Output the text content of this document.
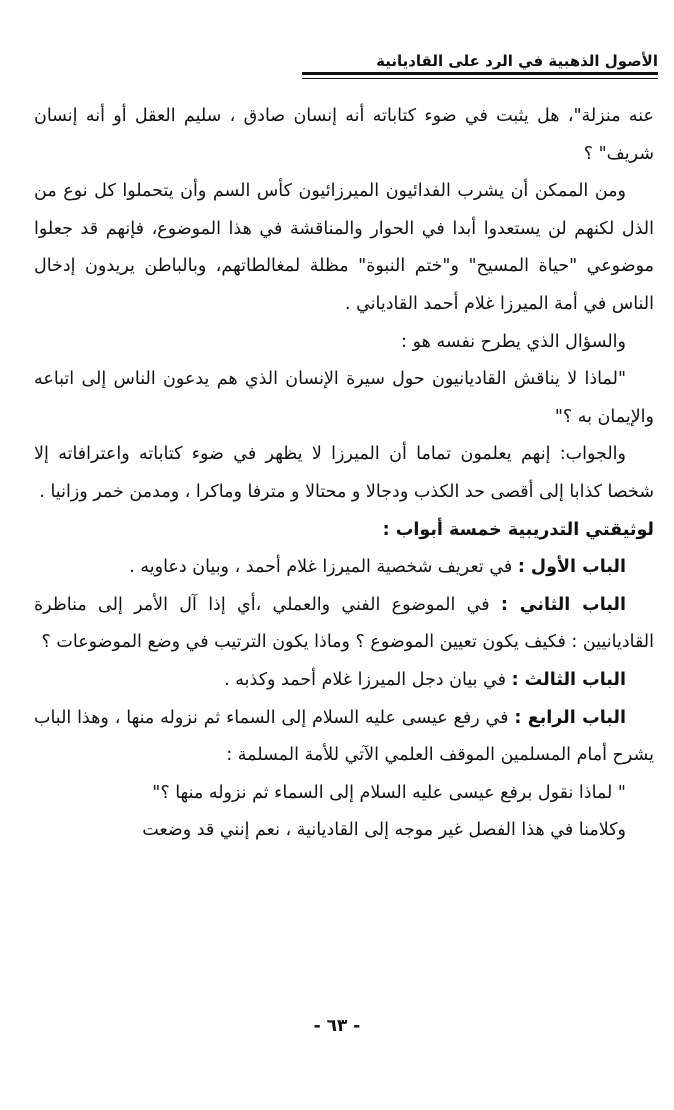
الأصول الذهبية في الرد على القاديانية

عنه منزلة"، هل يثبت في ضوء كتاباته أنه إنسان صادق ، سليم العقل أو أنه إنسان شريف" ؟

ومن الممكن أن يشرب الفدائيون الميرزائيون كأس السم وأن يتحملوا كل نوع من الذل لكنهم لن يستعدوا أبدا في الحوار والمناقشة في هذا الموضوع، فإنهم قد جعلوا موضوعي "حياة المسيح" و"ختم النبوة" مظلة لمغالطاتهم، وبالباطن يريدون إدخال الناس في أمة الميرزا غلام أحمد القادياني .

والسؤال الذي يطرح نفسه هو :

"لماذا لا يناقش القاديانيون حول سيرة الإنسان الذي هم يدعون الناس إلى اتباعه والإيمان به ؟"

والجواب: إنهم يعلمون تماما أن الميرزا لا يظهر في ضوء كتاباته واعترافاته إلا شخصا كذابا إلى أقصى حد الكذب ودجالا و محتالا و مترفا وماكرا ، ومدمن خمر وزانيا .

لوثيقتي التدريبية خمسة أبواب :

الباب الأول : في تعريف شخصية الميرزا غلام أحمد ، وبيان دعاويه .

الباب الثاني : في الموضوع الفني والعملي ،أي إذا آل الأمر إلى مناظرة القاديانيين : فكيف يكون تعيين الموضوع ؟ وماذا يكون الترتيب في وضع الموضوعات ؟

الباب الثالث : في بيان دجل الميرزا غلام أحمد وكذبه .

الباب الرابع : في رفع عيسى عليه السلام إلى السماء ثم نزوله منها ، وهذا الباب يشرح أمام المسلمين الموقف العلمي الآتي للأمة المسلمة :

" لماذا نقول برفع عيسى عليه السلام إلى السماء ثم نزوله منها ؟"

وكلامنا في هذا الفصل غير موجه إلى القاديانية ، نعم إنني قد وضعت

- ٦٣ -
